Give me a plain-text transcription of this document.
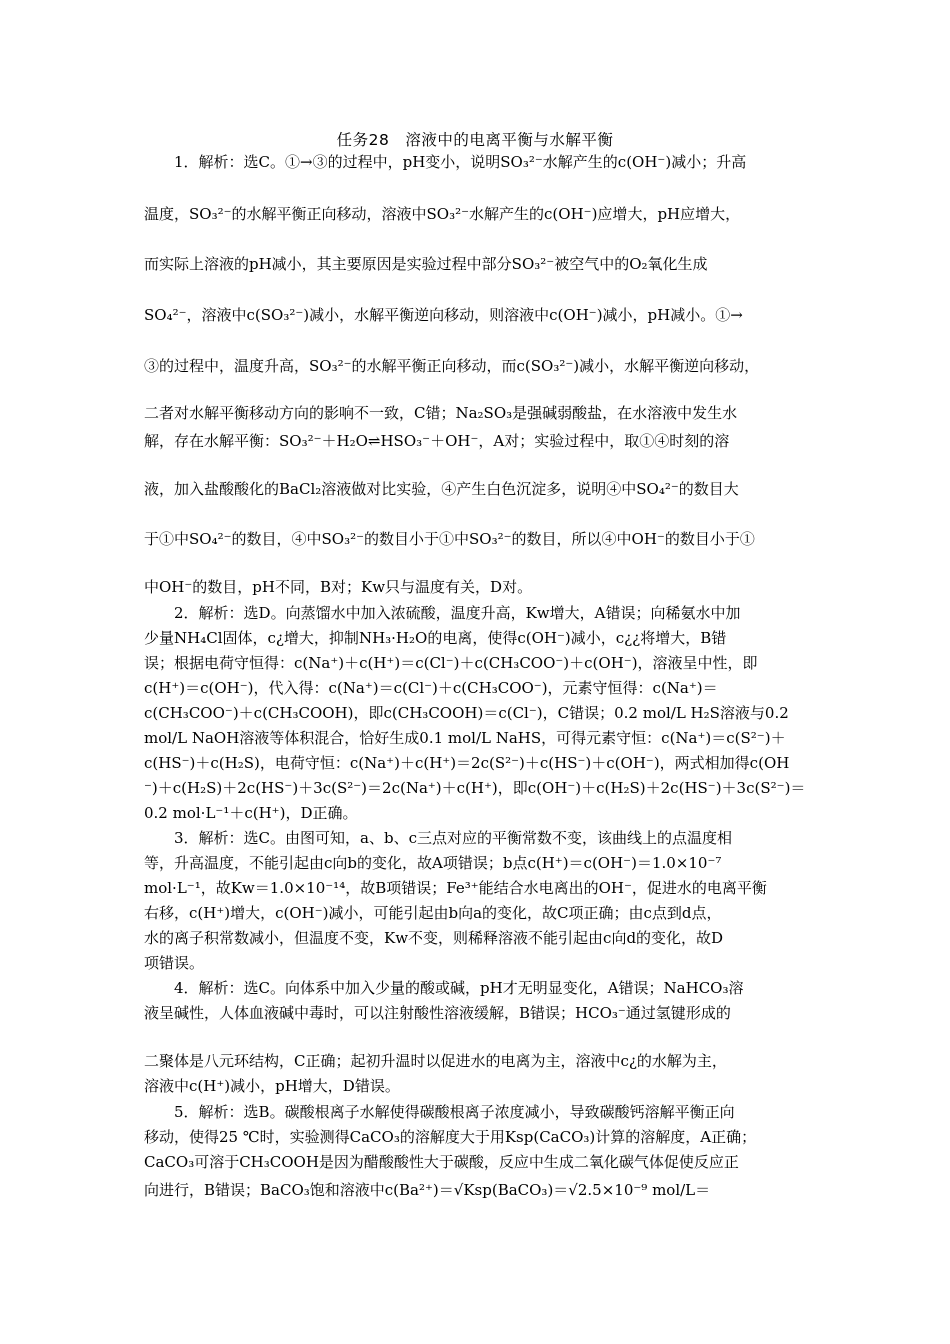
任务28　溶液中的电离平衡与水解平衡
　　1．解析：选C。①→③的过程中，pH变小，说明SO₃²⁻水解产生的c(OH⁻)减小；升高
温度，SO₃²⁻的水解平衡正向移动，溶液中SO₃²⁻水解产生的c(OH⁻)应增大，pH应增大，
而实际上溶液的pH减小，其主要原因是实验过程中部分SO₃²⁻被空气中的O₂氧化生成
SO₄²⁻，溶液中c(SO₃²⁻)减小，水解平衡逆向移动，则溶液中c(OH⁻)减小，pH减小。①→
③的过程中，温度升高，SO₃²⁻的水解平衡正向移动，而c(SO₃²⁻)减小，水解平衡逆向移动，
二者对水解平衡移动方向的影响不一致，C错；Na₂SO₃是强碱弱酸盐，在水溶液中发生水
解，存在水解平衡：SO₃²⁻＋H₂O⇌HSO₃⁻＋OH⁻，A对；实验过程中，取①④时刻的溶
液，加入盐酸酸化的BaCl₂溶液做对比实验，④产生白色沉淀多，说明④中SO₄²⁻的数目大
于①中SO₄²⁻的数目，④中SO₃²⁻的数目小于①中SO₃²⁻的数目，所以④中OH⁻的数目小于①
中OH⁻的数目，pH不同，B对；Kw只与温度有关，D对。
　　2．解析：选D。向蒸馏水中加入浓硫酸，温度升高，Kw增大，A错误；向稀氨水中加
少量NH₄Cl固体，c¿增大，抑制NH₃·H₂O的电离，使得c(OH⁻)减小，c¿¿将增大，B错
误；根据电荷守恒得：c(Na⁺)＋c(H⁺)＝c(Cl⁻)＋c(CH₃COO⁻)＋c(OH⁻)，溶液呈中性，即
c(H⁺)＝c(OH⁻)，代入得：c(Na⁺)＝c(Cl⁻)＋c(CH₃COO⁻)，元素守恒得：c(Na⁺)＝
c(CH₃COO⁻)＋c(CH₃COOH)，即c(CH₃COOH)＝c(Cl⁻)，C错误；0.2 mol/L H₂S溶液与0.2
mol/L NaOH溶液等体积混合，恰好生成0.1 mol/L NaHS，可得元素守恒：c(Na⁺)＝c(S²⁻)＋
c(HS⁻)＋c(H₂S)，电荷守恒：c(Na⁺)＋c(H⁺)＝2c(S²⁻)＋c(HS⁻)＋c(OH⁻)，两式相加得c(OH
⁻)＋c(H₂S)＋2c(HS⁻)＋3c(S²⁻)＝2c(Na⁺)＋c(H⁺)，即c(OH⁻)＋c(H₂S)＋2c(HS⁻)＋3c(S²⁻)＝
0.2 mol·L⁻¹＋c(H⁺)，D正确。
　　3．解析：选C。由图可知，a、b、c三点对应的平衡常数不变，该曲线上的点温度相
等，升高温度，不能引起由c向b的变化，故A项错误；b点c(H⁺)＝c(OH⁻)＝1.0×10⁻⁷
mol·L⁻¹，故Kw＝1.0×10⁻¹⁴，故B项错误；Fe³⁺能结合水电离出的OH⁻，促进水的电离平衡
右移，c(H⁺)增大，c(OH⁻)减小，可能引起由b向a的变化，故C项正确；由c点到d点，
水的离子积常数减小，但温度不变，Kw不变，则稀释溶液不能引起由c向d的变化，故D
项错误。
　　4．解析：选C。向体系中加入少量的酸或碱，pH才无明显变化，A错误；NaHCO₃溶
液呈碱性，人体血液碱中毒时，可以注射酸性溶液缓解，B错误；HCO₃⁻通过氢键形成的
二聚体是八元环结构，C正确；起初升温时以促进水的电离为主，溶液中c¿的水解为主，
溶液中c(H⁺)减小，pH增大，D错误。
　　5．解析：选B。碳酸根离子水解使得碳酸根离子浓度减小，导致碳酸钙溶解平衡正向
移动，使得25 ℃时，实验测得CaCO₃的溶解度大于用Ksp(CaCO₃)计算的溶解度，A正确；
CaCO₃可溶于CH₃COOH是因为醋酸酸性大于碳酸，反应中生成二氧化碳气体促使反应正
向进行，B错误；BaCO₃饱和溶液中c(Ba²⁺)＝√Ksp(BaCO₃)＝√2.5×10⁻⁹ mol/L＝
